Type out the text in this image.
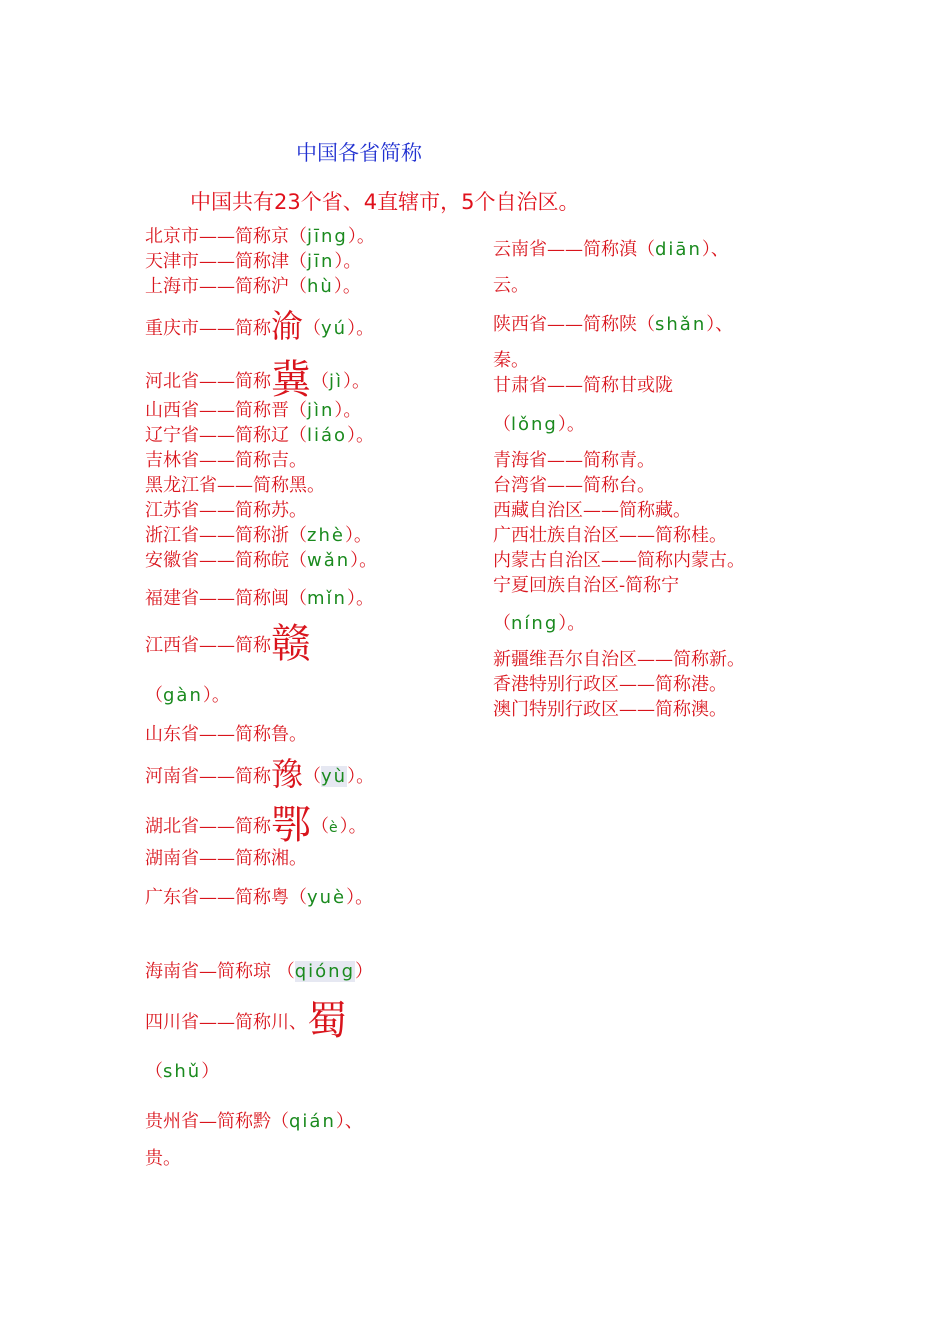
中国各省简称
中国共有23个省、4直辖市，5个自治区。
北京市——简称京（jīng）。
天津市——简称津（jīn）。
上海市——简称沪（hù）。
重庆市——简称渝（yú）。
河北省——简称冀（jì）。
山西省——简称晋（jìn）。
辽宁省——简称辽（liáo）。
吉林省——简称吉。
黑龙江省——简称黑。
江苏省——简称苏。
浙江省——简称浙（zhè）。
安徽省——简称皖（wǎn）。
福建省——简称闽（mǐn）。
江西省——简称赣
（gàn）。
山东省——简称鲁。
河南省——简称豫（yù）。
湖北省——简称鄂（è）。
湖南省——简称湘。
广东省——简称粤（yuè）。
海南省—简称琼 （qióng）
四川省——简称川、蜀
（shǔ）
贵州省—简称黔（qián）、
贵。
云南省——简称滇（diān）、
云。
陕西省——简称陕（shǎn）、
秦。
甘肃省——简称甘或陇
（lǒng）。
青海省——简称青。
台湾省——简称台。
西藏自治区——简称藏。
广西壮族自治区——简称桂。
内蒙古自治区——简称内蒙古。
宁夏回族自治区-简称宁
（níng）。
新疆维吾尔自治区——简称新。
香港特别行政区——简称港。
澳门特别行政区——简称澳。
